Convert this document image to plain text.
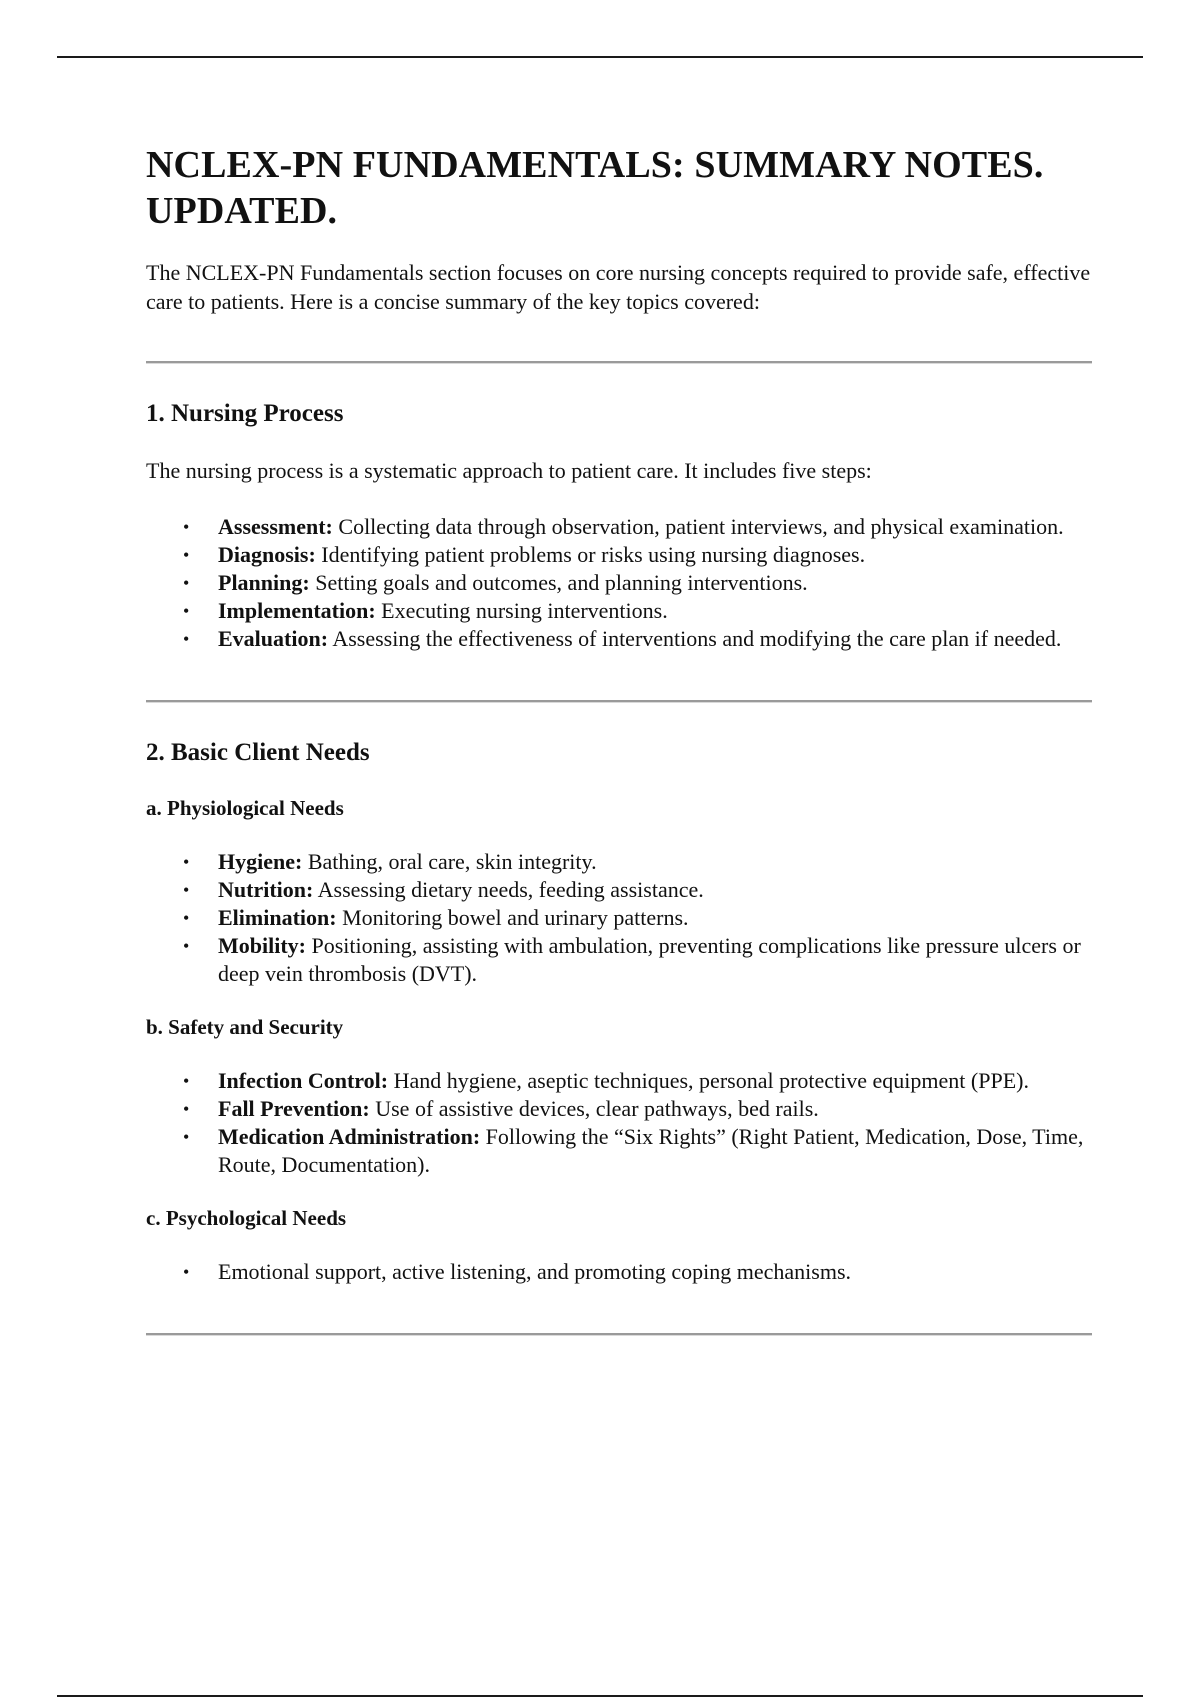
NCLEX-PN FUNDAMENTALS: SUMMARY NOTES. UPDATED.

The NCLEX-PN Fundamentals section focuses on core nursing concepts required to provide safe, effective care to patients. Here is a concise summary of the key topics covered:

1. Nursing Process

The nursing process is a systematic approach to patient care. It includes five steps:

• Assessment: Collecting data through observation, patient interviews, and physical examination.
• Diagnosis: Identifying patient problems or risks using nursing diagnoses.
• Planning: Setting goals and outcomes, and planning interventions.
• Implementation: Executing nursing interventions.
• Evaluation: Assessing the effectiveness of interventions and modifying the care plan if needed.
2. Basic Client Needs
a. Physiological Needs
• Hygiene: Bathing, oral care, skin integrity.
• Nutrition: Assessing dietary needs, feeding assistance.
• Elimination: Monitoring bowel and urinary patterns.
• Mobility: Positioning, assisting with ambulation, preventing complications like pressure ulcers or deep vein thrombosis (DVT).
b. Safety and Security
• Infection Control: Hand hygiene, aseptic techniques, personal protective equipment (PPE).
• Fall Prevention: Use of assistive devices, clear pathways, bed rails.
• Medication Administration: Following the “Six Rights” (Right Patient, Medication, Dose, Time, Route, Documentation).
c. Psychological Needs
• Emotional support, active listening, and promoting coping mechanisms.
